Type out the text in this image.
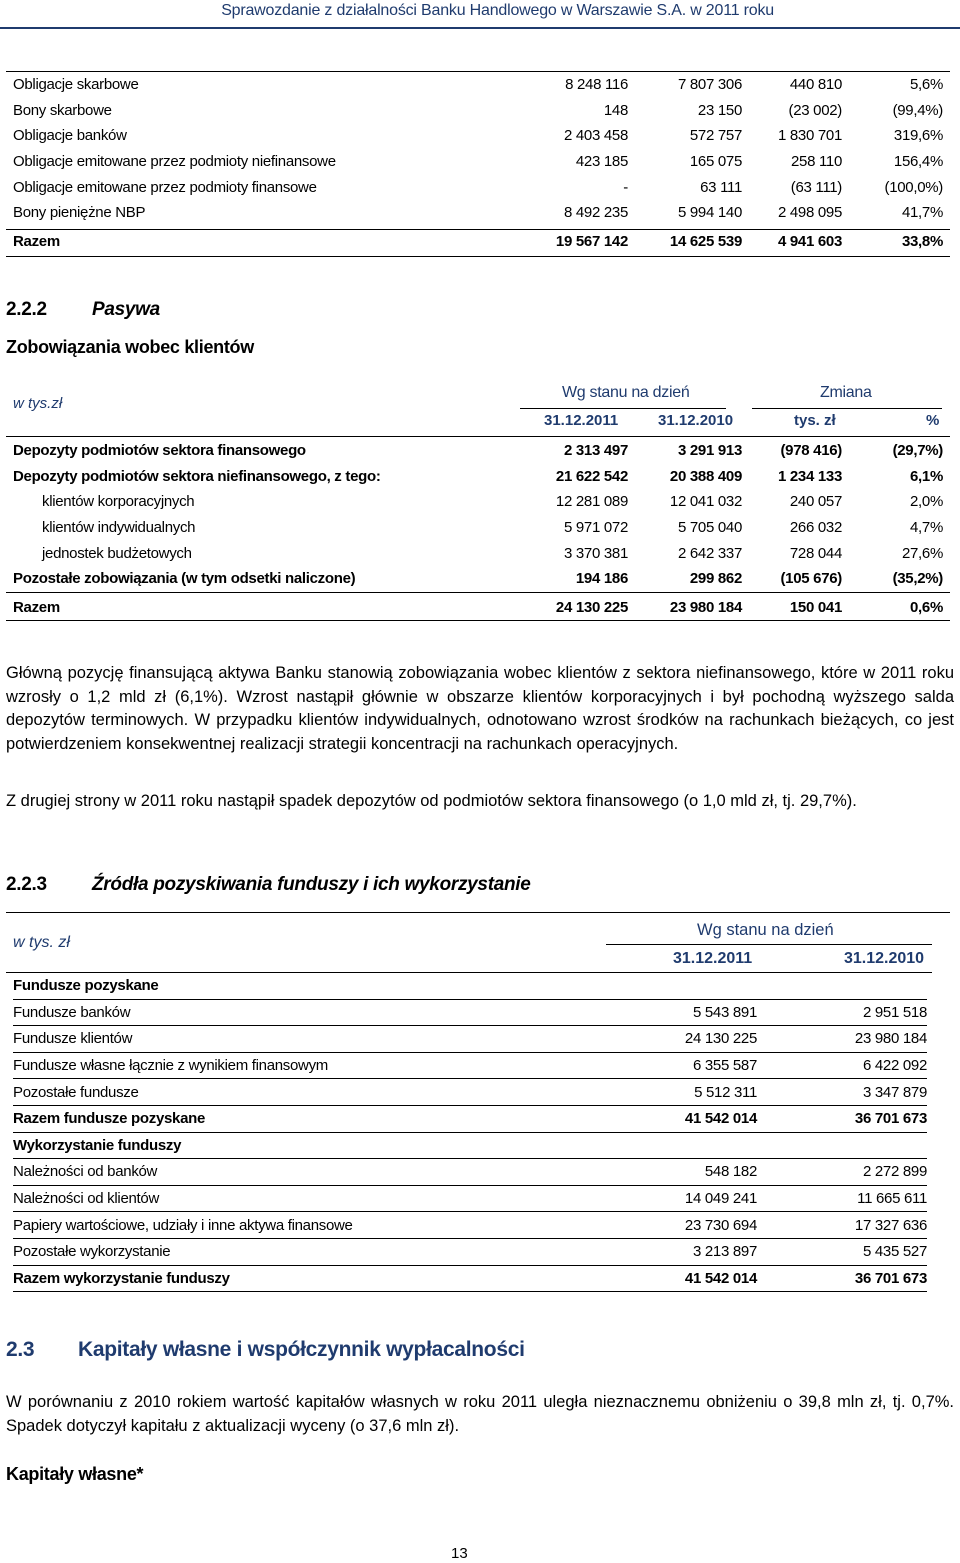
Sprawozdanie z działalności Banku Handlowego w Warszawie S.A. w 2011 roku
Obligacje skarbowe	8 248 116	7 807 306	440 810	5,6%
Bony skarbowe	148	23 150	(23 002)	(99,4%)
Obligacje banków	2 403 458	572 757	1 830 701	319,6%
Obligacje emitowane przez podmioty niefinansowe	423 185	165 075	258 110	156,4%
Obligacje emitowane przez podmioty finansowe	-	63 111	(63 111)	(100,0%)
Bony pieniężne NBP	8 492 235	5 994 140	2 498 095	41,7%
Razem	19 567 142	14 625 539	4 941 603	33,8%
2.2.2 Pasywa
Zobowiązania wobec klientów
w tys.zł
Wg stanu na dzień	Zmiana
31.12.2011	31.12.2010	tys. zł	%
Depozyty podmiotów sektora finansowego	2 313 497	3 291 913	(978 416)	(29,7%)
Depozyty podmiotów sektora niefinansowego, z tego:	21 622 542	20 388 409	1 234 133	6,1%
klientów korporacyjnych	12 281 089	12 041 032	240 057	2,0%
klientów indywidualnych	5 971 072	5 705 040	266 032	4,7%
jednostek budżetowych	3 370 381	2 642 337	728 044	27,6%
Pozostałe zobowiązania (w tym odsetki naliczone)	194 186	299 862	(105 676)	(35,2%)
Razem	24 130 225	23 980 184	150 041	0,6%
Główną pozycję finansującą aktywa Banku stanowią zobowiązania wobec klientów z sektora niefinansowego, które w 2011 roku wzrosły o 1,2 mld zł (6,1%). Wzrost nastąpił głównie w obszarze klientów korporacyjnych i był pochodną wyższego salda depozytów terminowych. W przypadku klientów indywidualnych, odnotowano wzrost środków na rachunkach bieżących, co jest potwierdzeniem konsekwentnej realizacji strategii koncentracji na rachunkach operacyjnych.
Z drugiej strony w 2011 roku nastąpił spadek depozytów od podmiotów sektora finansowego (o 1,0 mld zł, tj. 29,7%).
2.2.3 Źródła pozyskiwania funduszy i ich wykorzystanie
w tys. zł
Wg stanu na dzień
31.12.2011	31.12.2010
Fundusze pozyskane		
Fundusze banków	5 543 891	2 951 518
Fundusze klientów	24 130 225	23 980 184
Fundusze własne łącznie z wynikiem finansowym	6 355 587	6 422 092
Pozostałe fundusze	5 512 311	3 347 879
Razem fundusze pozyskane	41 542 014	36 701 673
Wykorzystanie funduszy		
Należności od banków	548 182	2 272 899
Należności od klientów	14 049 241	11 665 611
Papiery wartościowe, udziały i inne aktywa finansowe	23 730 694	17 327 636
Pozostałe wykorzystanie	3 213 897	5 435 527
Razem wykorzystanie funduszy	41 542 014	36 701 673
2.3 Kapitały własne i współczynnik wypłacalności
W porównaniu z 2010 rokiem wartość kapitałów własnych w roku 2011 uległa nieznacznemu obniżeniu o 39,8 mln zł, tj. 0,7%. Spadek dotyczył kapitału z aktualizacji wyceny (o 37,6 mln zł).
Kapitały własne*
13
